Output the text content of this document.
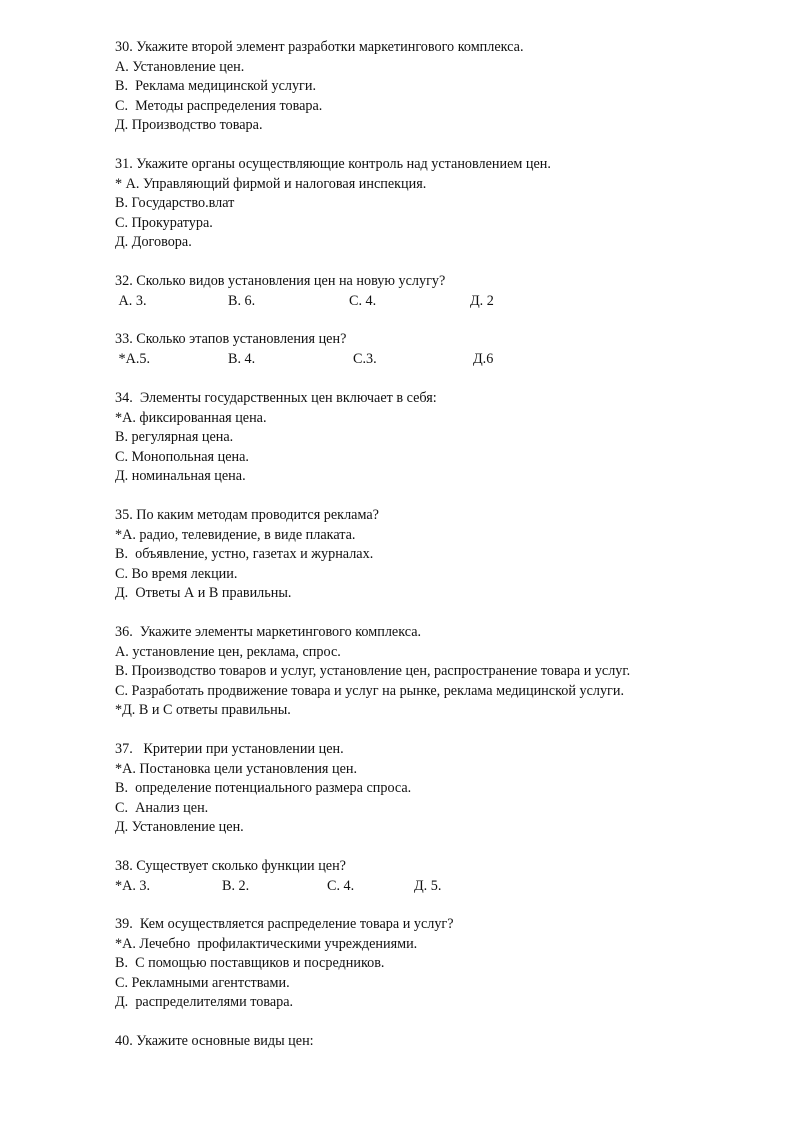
30. Укажите второй элемент разработки маркетингового комплекса.
А. Установление цен.
В.  Реклама медицинской услуги.
С.  Методы распределения товара.
Д. Производство товара.
31. Укажите органы осуществляющие контроль над установлением цен.
* А. Управляющий фирмой и налоговая инспекция.
В. Государство.влат
С. Прокуратура.
Д. Договора.
32. Сколько видов установления цен на новую услугу?

А. 3.

	В. 6.

	С. 4.

	Д. 2

33. Сколько этапов установления цен?

*А.5.

	В. 4.

	С.3.

	Д.6

34.  Элементы государственных цен включает в себя:
*А. фиксированная цена.
В. регулярная цена.
С. Монопольная цена.
Д. номинальная цена.
35. По каким методам проводится реклама?
*А. радио, телевидение, в виде плаката.
В.  объявление, устно, газетах и журналах.
С. Во время лекции.
Д.  Ответы А и В правильны.
36.  Укажите элементы маркетингового комплекса.
А. установление цен, реклама, спрос.
В. Производство товаров и услуг, установление цен, распространение товара и услуг.
С. Разработать продвижение товара и услуг на рынке, реклама медицинской услуги.
*Д. В и С ответы правильны.
37.   Критерии при установлении цен.
*А. Постановка цели установления цен.
В.  определение потенциального размера спроса.
С.  Анализ цен.
Д. Установление цен.
38. Существует сколько функции цен?

*А. 3.

	В. 2.

	С. 4.

	Д. 5.

39.  Кем осуществляется распределение товара и услуг?
*А. Лечебно  профилактическими учреждениями.
В.  С помощью поставщиков и посредников.
С. Рекламными агентствами.
Д.  распределителями товара.
40. Укажите основные виды цен:
